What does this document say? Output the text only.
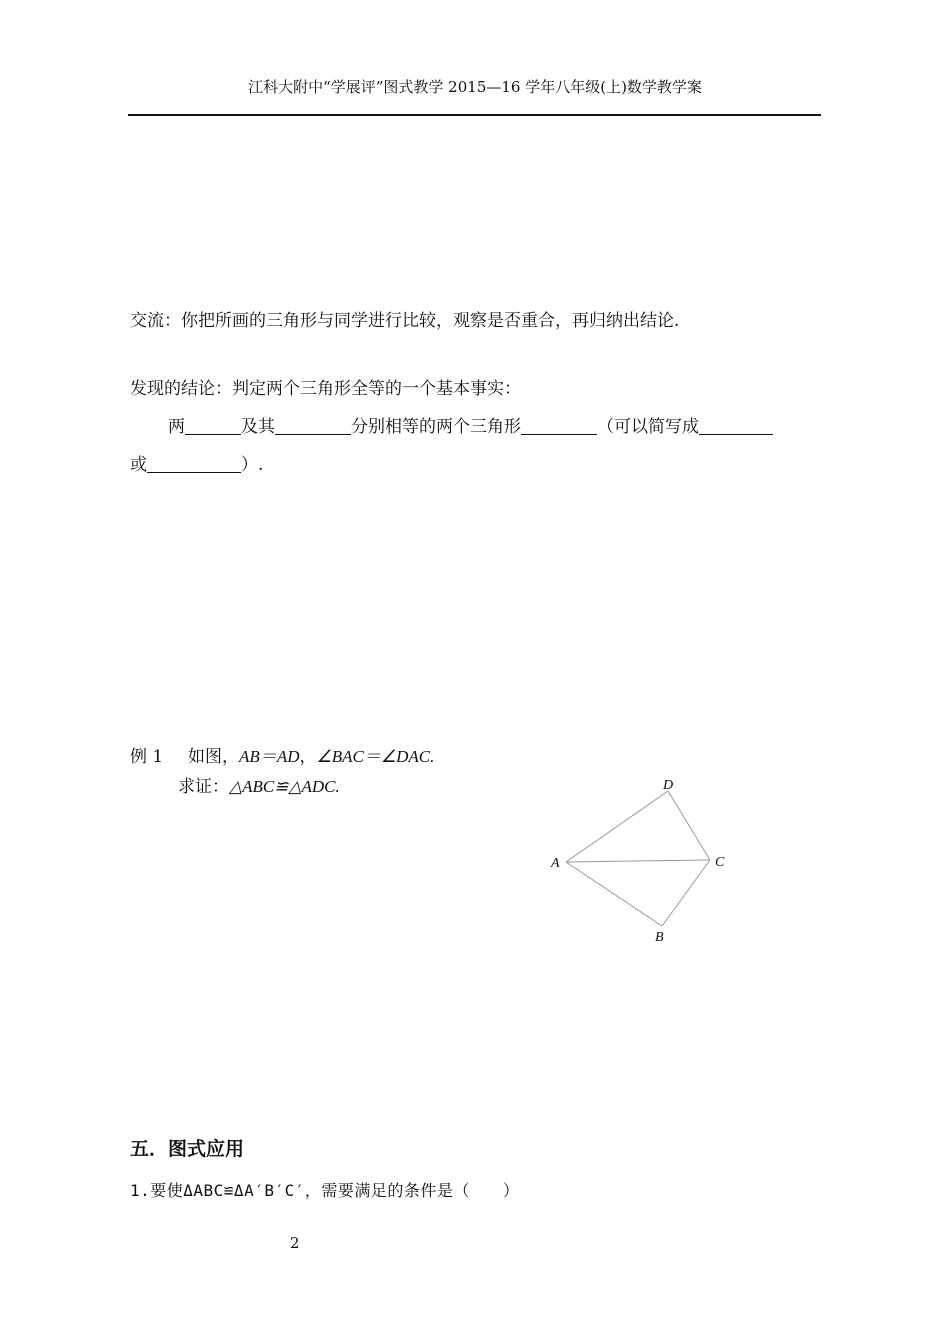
江科大附中“学展评”图式教学 2015—16 学年八年级(上)数学教学案
交流：你把所画的三角形与同学进行比较，观察是否重合，再归纳出结论.
发现的结论：判定两个三角形全等的一个基本事实：
两	及其	分别相等的两个三角形	（可以简写成
或	）.
例 1 如图，AB＝AD，∠BAC＝∠DAC.
求证：△ABC≌△ADC.	D
A	C
B
五．图式应用
1.要使ΔABC≌ΔA′B′C′，需要满足的条件是（　　）
2
